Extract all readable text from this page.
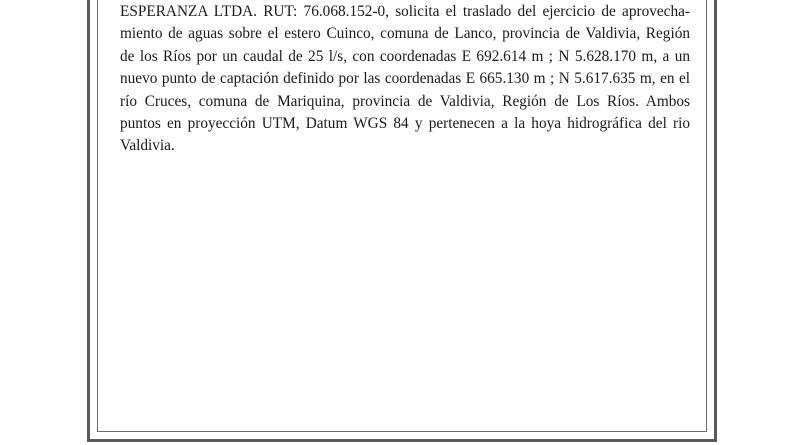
ESPERANZA LTDA. RUT: 76.068.152-0, solicita el traslado del ejercicio de aprovecha-
miento de aguas sobre el estero Cuinco, comuna de Lanco, provincia de Valdivia, Región
de los Ríos por un caudal de 25 l/s, con coordenadas E 692.614 m ; N 5.628.170 m, a un
nuevo punto de captación definido por las coordenadas E 665.130 m ; N 5.617.635 m, en el
río Cruces, comuna de Mariquina, provincia de Valdivia, Región de Los Ríos. Ambos
puntos en proyección UTM, Datum WGS 84 y pertenecen a la hoya hidrográfica del rio
Valdivia.
